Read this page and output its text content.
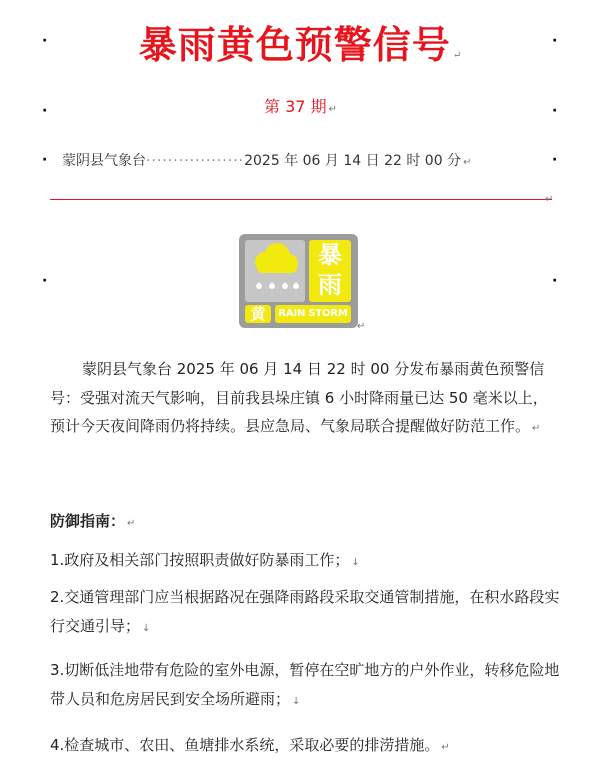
·	·
·	·
·	·
·	·
暴雨黄色预警信号 ↵
第 37 期 ↵
蒙阴县气象台··················2025 年 06 月 14 日 22 时 00 分 ↵
↵
暴
雨
黄	RAIN STORM
↵
蒙阴县气象台 2025 年 06 月 14 日 22 时 00 分发布暴雨黄色预警信号：受强对流天气影响，目前我县垛庄镇 6 小时降雨量已达 50 毫米以上，预计今天夜间降雨仍将持续。县应急局、气象局联合提醒做好防范工作。 ↵
防御指南： ↵
1.政府及相关部门按照职责做好防暴雨工作； ↓
2.交通管理部门应当根据路况在强降雨路段采取交通管制措施，在积水路段实行交通引导； ↓
3.切断低洼地带有危险的室外电源，暂停在空旷地方的户外作业，转移危险地带人员和危房居民到安全场所避雨； ↓
4.检查城市、农田、鱼塘排水系统，采取必要的排涝措施。 ↵
